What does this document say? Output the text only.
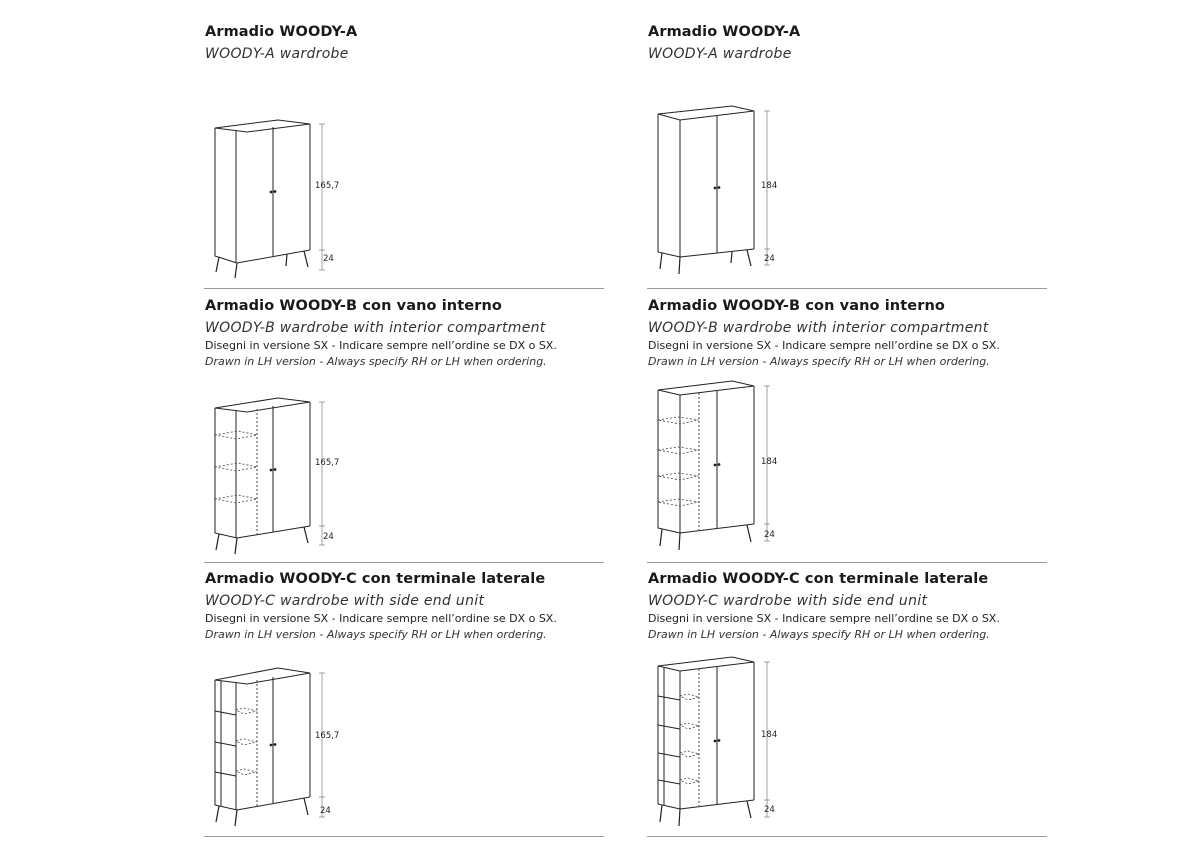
Armadio WOODY-A
WOODY-A wardrobe
165,7
24
Armadio WOODY-A
WOODY-A wardrobe
184
24
Armadio WOODY-B con vano interno
WOODY-B wardrobe with interior compartment
Disegni in versione SX - Indicare sempre nell’ordine se DX o SX.
Drawn in LH version - Always specify RH or LH when ordering.
165,7
24
Armadio WOODY-B con vano interno
WOODY-B wardrobe with interior compartment
Disegni in versione SX - Indicare sempre nell’ordine se DX o SX.
Drawn in LH version - Always specify RH or LH when ordering.
184
24
Armadio WOODY-C con terminale laterale
WOODY-C wardrobe with side end unit
Disegni in versione SX - Indicare sempre nell’ordine se DX o SX.
Drawn in LH version - Always specify RH or LH when ordering.
165,7
24
Armadio WOODY-C con terminale laterale
WOODY-C wardrobe with side end unit
Disegni in versione SX - Indicare sempre nell’ordine se DX o SX.
Drawn in LH version - Always specify RH or LH when ordering.
184
24
